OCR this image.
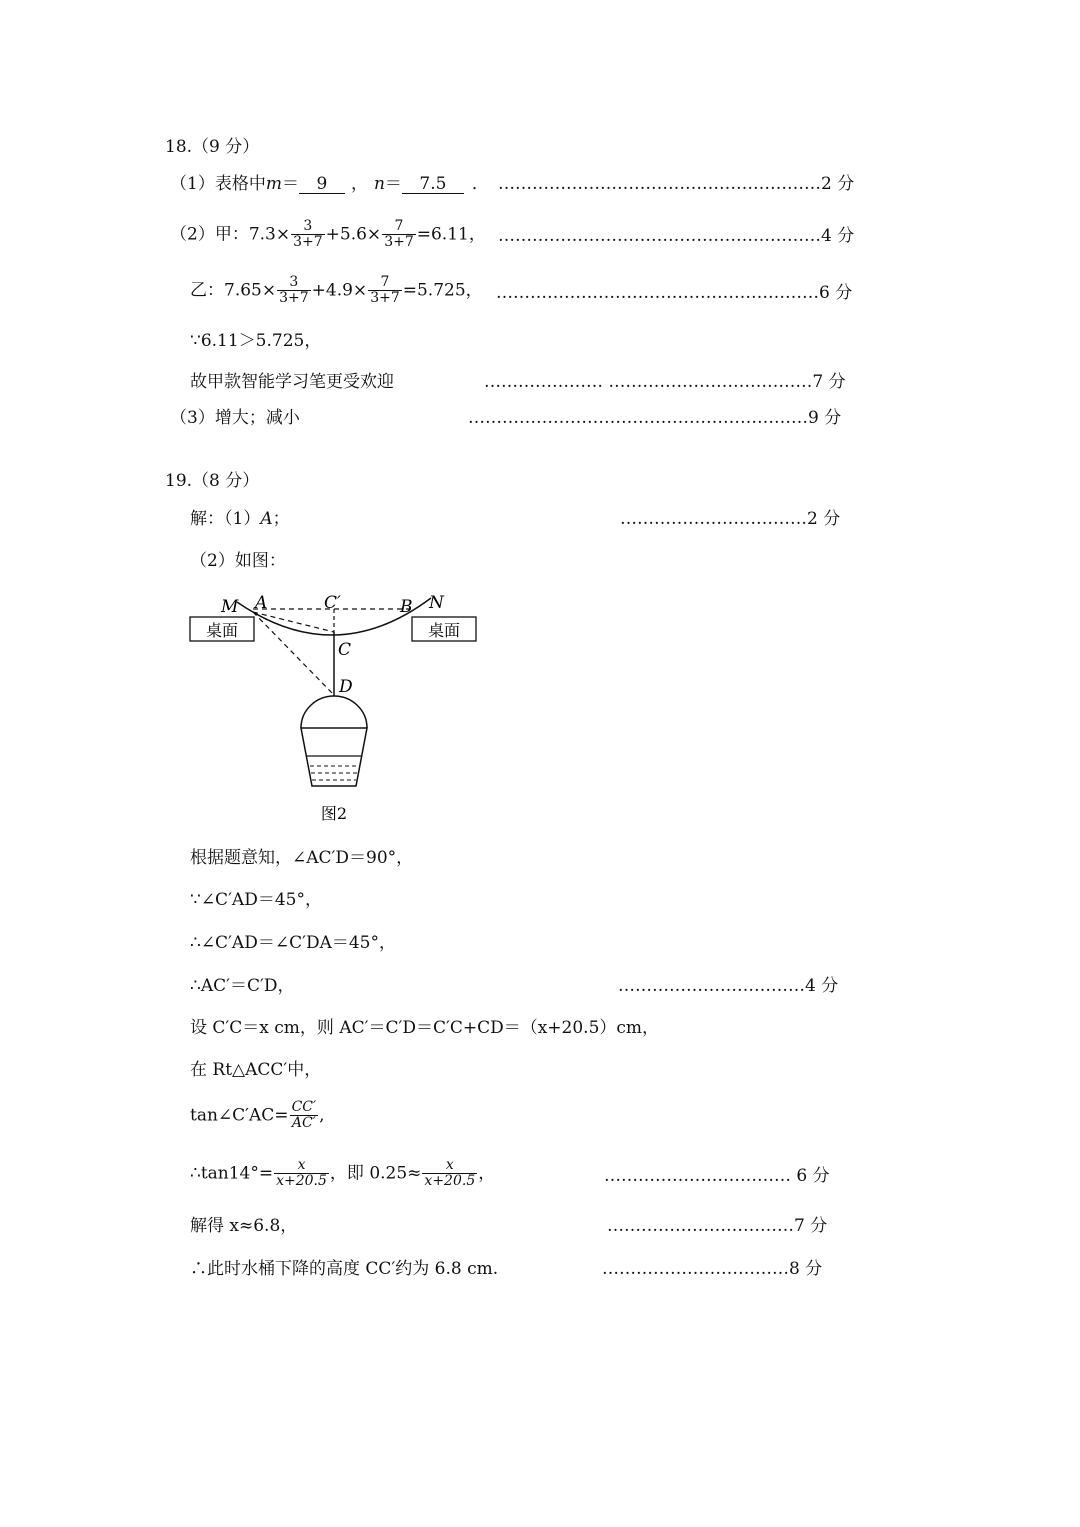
18.（9 分）
（1）表格中m＝ 9 ， n＝ 7.5 ． …………………………………………………2 分
（2）甲：$7.3\times \frac{3}{3+7} +5.6\times \frac{7}{3+7} =6.11$， …………………………………………………4 分
乙：$7.65\times \frac{3}{3+7} +4.9\times \frac{7}{3+7} =5.725$， …………………………………………………6 分
∵6.11＞5.725，
故甲款智能学习笔更受欢迎	………………… ………………………………7 分
（3）增大；减小	……………………………………………………9 分
19.（8 分）
解：（1）A；	……………………………2 分
（2）如图：
桌面	桌面
M A	C′	B N
C
D
图2
根据题意知，∠AC′D＝90°，
∵∠C′AD＝45°，
∴∠C′AD＝∠C′DA＝45°，
∴AC′＝C′D，	……………………………4 分
设 C′C＝x cm，则 AC′＝C′D＝C′C+CD＝（x+20.5）cm，
在 Rt△ACC′中，
tan∠C′AC= $\frac{CC'}{AC'}$ ,
∴tan14°= $\frac{x}{x+20.5}$ ，即 $0.25\approx \frac{x}{x+20.5}$ ，	…………………………… 6 分
解得 x≈6.8，	……………………………7 分
∴此时水桶下降的高度 CC′约为 6.8 cm.	……………………………8 分
